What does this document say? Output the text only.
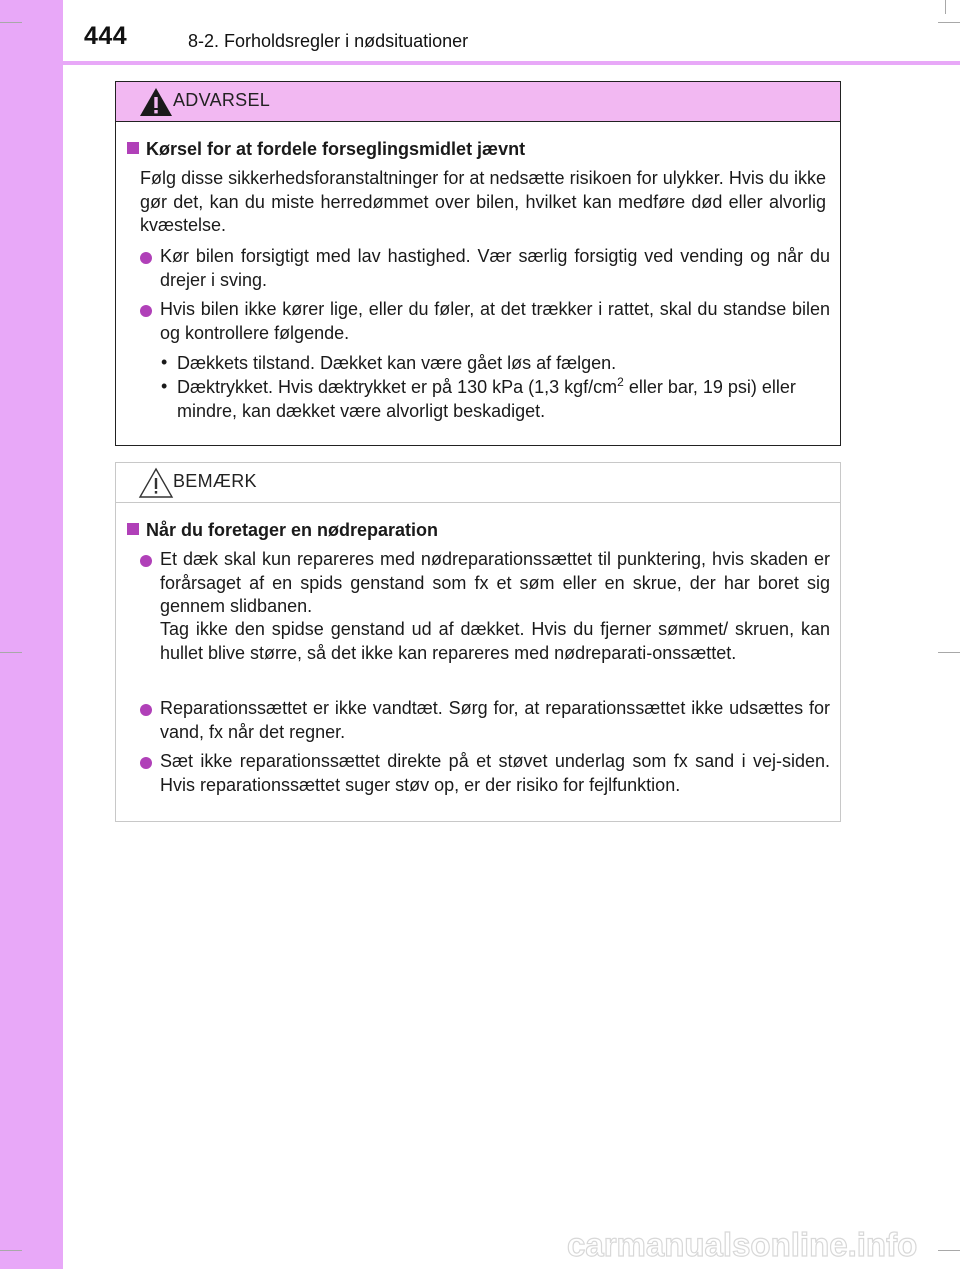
444	8-2. Forholdsregler i nødsituationer
ADVARSEL
Kørsel for at fordele forseglingsmidlet jævnt
Følg disse sikkerhedsforanstaltninger for at nedsætte risikoen for ulykker. Hvis du ikke gør det, kan du miste herredømmet over bilen, hvilket kan medføre død eller alvorlig kvæstelse.
Kør bilen forsigtigt med lav hastighed. Vær særlig forsigtig ved vending og når du drejer i sving.
Hvis bilen ikke kører lige, eller du føler, at det trækker i rattet, skal du standse bilen og kontrollere følgende.
• Dækkets tilstand. Dækket kan være gået løs af fælgen.
• Dæktrykket. Hvis dæktrykket er på 130 kPa (1,3 kgf/$cm^2$ eller bar, 19 psi) eller mindre, kan dækket være alvorligt beskadiget.
BEMÆRK
Når du foretager en nødreparation
Et dæk skal kun repareres med nødreparationssættet til punktering, hvis skaden er forårsaget af en spids genstand som fx et søm eller en skrue, der har boret sig gennem slidbanen.
Tag ikke den spidse genstand ud af dækket. Hvis du fjerner sømmet/ skruen, kan hullet blive større, så det ikke kan repareres med nødreparati-onssættet.
Reparationssættet er ikke vandtæt. Sørg for, at reparationssættet ikke udsættes for vand, fx når det regner.
Sæt ikke reparationssættet direkte på et støvet underlag som fx sand i vej-siden. Hvis reparationssættet suger støv op, er der risiko for fejlfunktion.
carmanualsonline.info
